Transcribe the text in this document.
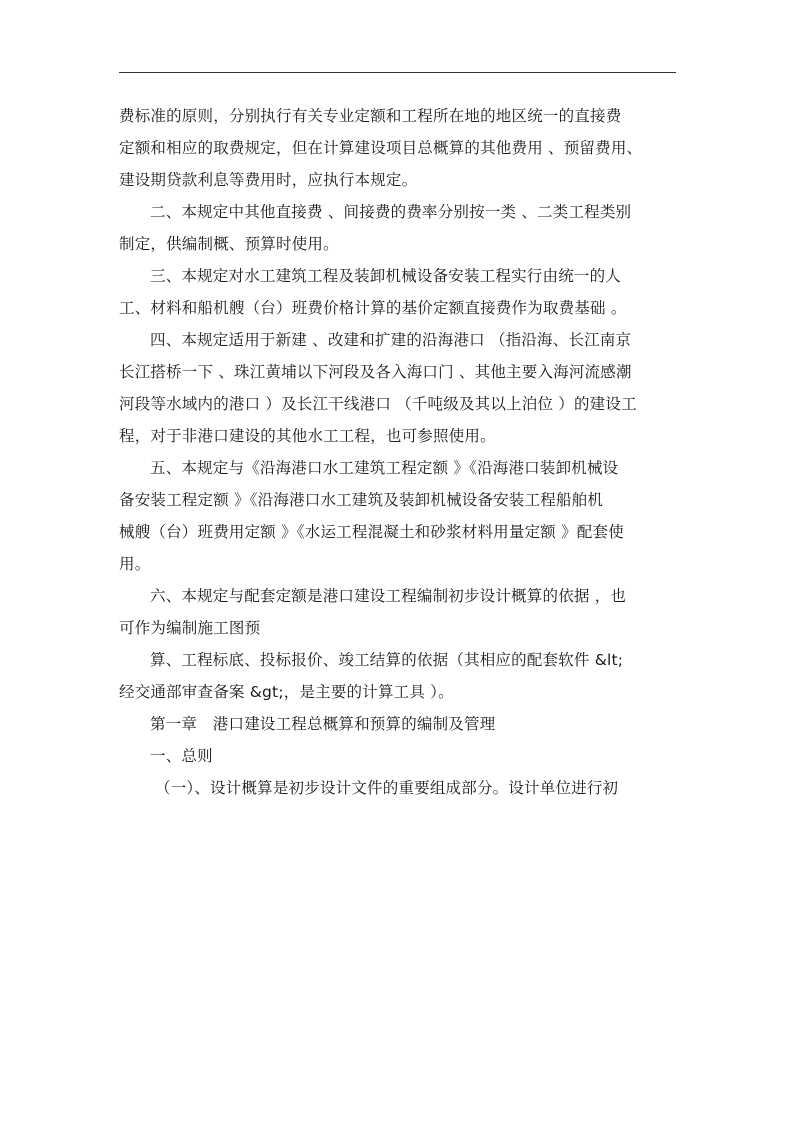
费标准的原则，分别执行有关专业定额和工程所在地的地区统一的直接费
定额和相应的取费规定，但在计算建设项目总概算的其他费用 、预留费用、
建设期贷款利息等费用时，应执行本规定。
二、本规定中其他直接费 、间接费的费率分别按一类 、二类工程类别
制定，供编制概、预算时使用。
三、本规定对水工建筑工程及装卸机械设备安装工程实行由统一的人
工、材料和船机艘（台）班费价格计算的基价定额直接费作为取费基础 。
四、本规定适用于新建 、改建和扩建的沿海港口 （指沿海、长江南京
长江搭桥一下 、珠江黄埔以下河段及各入海口门 、其他主要入海河流感潮
河段等水域内的港口 ）及长江干线港口 （千吨级及其以上泊位 ）的建设工
程，对于非港口建设的其他水工工程，也可参照使用。
五、本规定与《沿海港口水工建筑工程定额 》《沿海港口装卸机械设
备安装工程定额 》《沿海港口水工建筑及装卸机械设备安装工程船舶机
械艘（台）班费用定额 》《水运工程混凝土和砂浆材料用量定额 》配套使
用。
六、本规定与配套定额是港口建设工程编制初步设计概算的依据 ，也
可作为编制施工图预
算、工程标底、投标报价、竣工结算的依据（其相应的配套软件 &lt;
经交通部审查备案 &gt;，是主要的计算工具 ）。
第一章　港口建设工程总概算和预算的编制及管理
一、总则
（一）、设计概算是初步设计文件的重要组成部分。设计单位进行初
